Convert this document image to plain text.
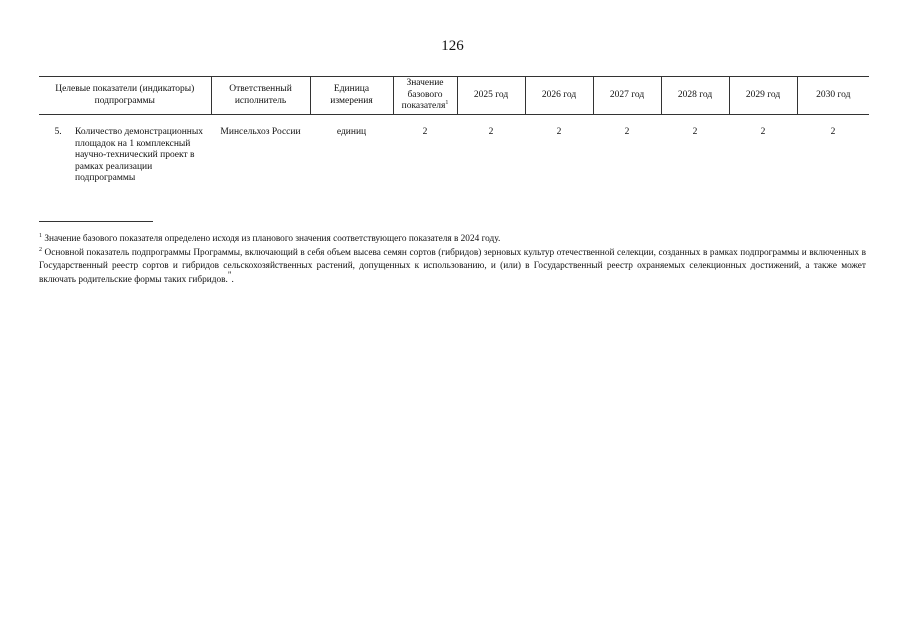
126
Целевые показатели (индикаторы) подпрограммы	Ответственный исполнитель	Единица измерения	Значение базового показателя$^1$	2025 год	2026 год	2027 год	2028 год	2029 год	2030 год

5. Количество демонстрационных площадок на 1 комплексный научно-технический проект в рамках реализации подпрограммы	Минсельхоз России	единиц	2	2	2	2	2	2	2

$^1$ Значение базового показателя определено исходя из планового значения соответствующего показателя в 2024 году.

$^2$ Основной показатель подпрограммы Программы, включающий в себя объем высева семян сортов (гибридов) зерновых культур отечественной селекции, созданных в рамках подпрограммы и включенных в Государственный реестр сортов и гибридов сельскохозяйственных растений, допущенных к использованию, и (или) в Государственный реестр охраняемых селекционных достижений, а также может включать родительские формы таких гибридов.".
